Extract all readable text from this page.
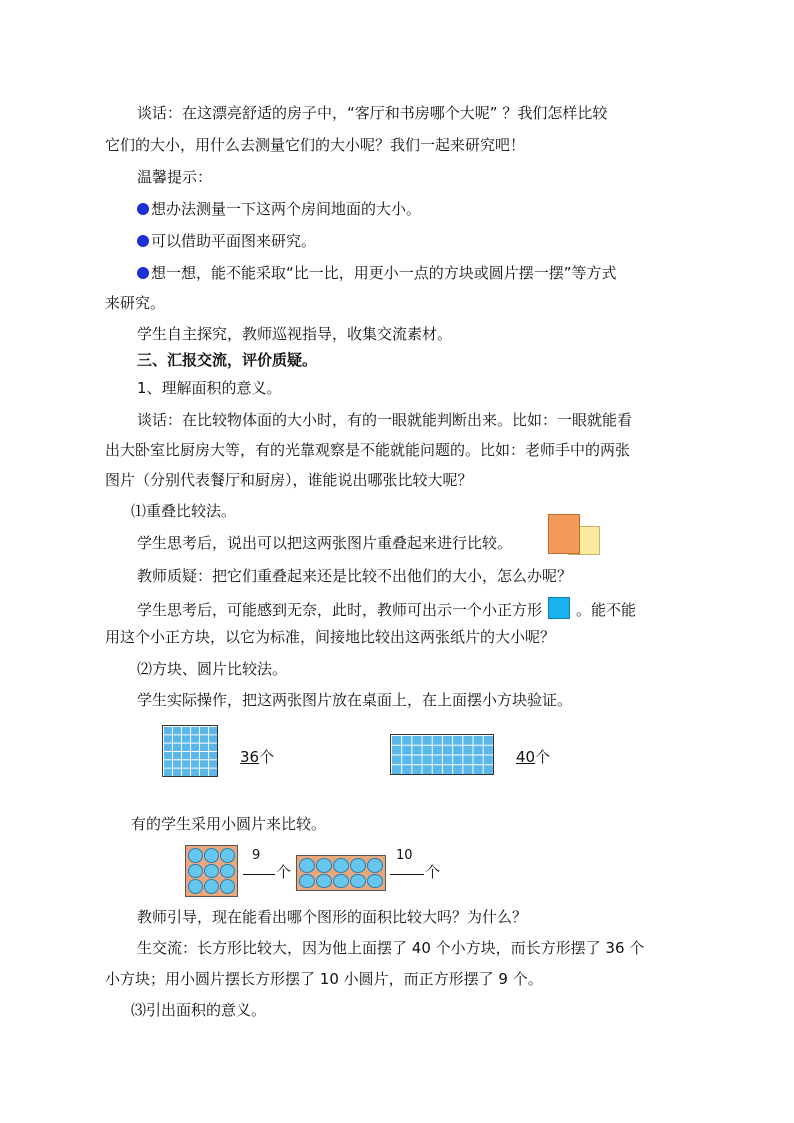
谈话：在这漂亮舒适的房子中，“客厅和书房哪个大呢” ？我们怎样比较
它们的大小，用什么去测量它们的大小呢？我们一起来研究吧！
温馨提示：
想办法测量一下这两个房间地面的大小。
可以借助平面图来研究。
想一想，能不能采取“比一比，用更小一点的方块或圆片摆一摆”等方式
来研究。
学生自主探究，教师巡视指导，收集交流素材。
三、汇报交流，评价质疑。
1、理解面积的意义。
谈话：在比较物体面的大小时，有的一眼就能判断出来。比如：一眼就能看
出大卧室比厨房大等，有的光靠观察是不能就能问题的。比如：老师手中的两张
图片（分别代表餐厅和厨房），谁能说出哪张比较大呢？
⑴重叠比较法。
学生思考后，说出可以把这两张图片重叠起来进行比较。
教师质疑：把它们重叠起来还是比较不出他们的大小，怎么办呢？
学生思考后，可能感到无奈，此时，教师可出示一个小正方形 。能不能
用这个小正方块，以它为标准，间接地比较出这两张纸片的大小呢？
⑵方块、圆片比较法。
学生实际操作，把这两张图片放在桌面上，在上面摆小方块验证。
36个	40个
有的学生采用小圆片来比较。
9
个
10
个
教师引导，现在能看出哪个图形的面积比较大吗？为什么？
生交流：长方形比较大，因为他上面摆了 40 个小方块，而长方形摆了 36 个
小方块；用小圆片摆长方形摆了 10 小圆片，而正方形摆了 9 个。
⑶引出面积的意义。
